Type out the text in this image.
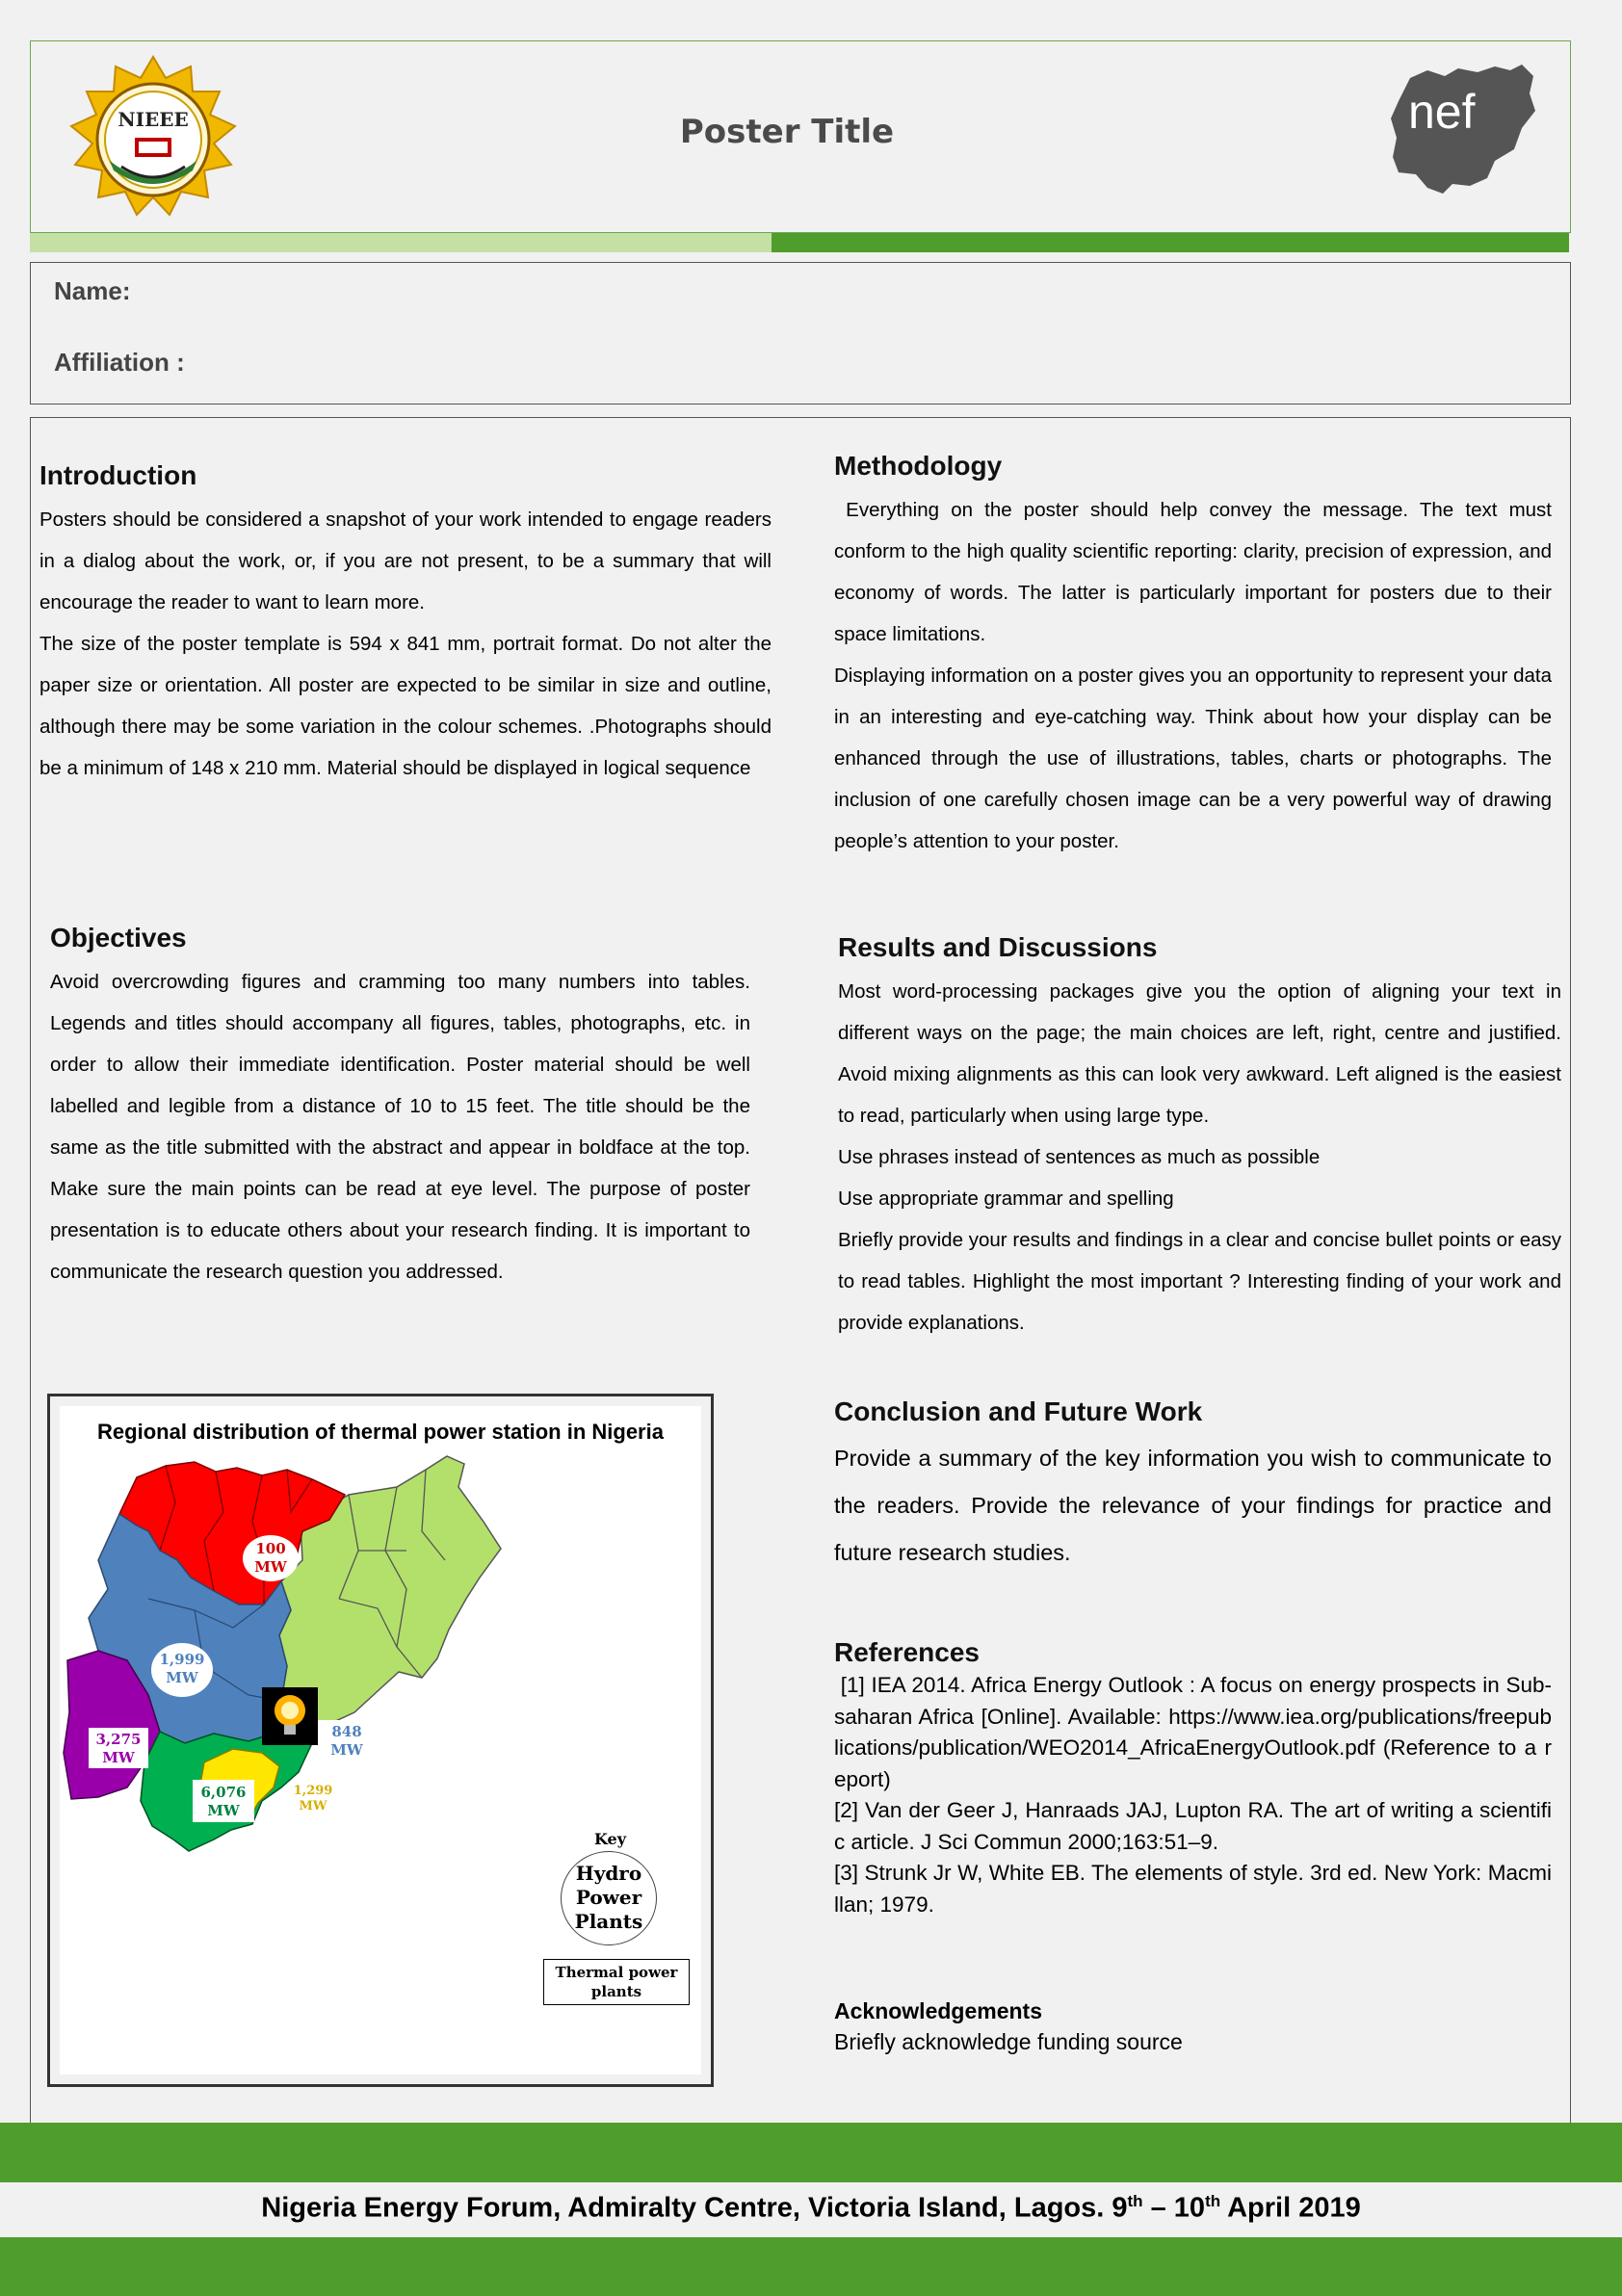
NIEEE	Poster Title	nef
Name:
Affiliation :
Introduction

Posters should be considered a snapshot of your work intended to engage readers in a dialog about the work, or, if you are not present, to be a summary that will encourage the reader to want to learn more.

The size of the poster template is 594 x 841 mm, portrait format. Do not alter the paper size or orientation. All poster are expected to be similar in size and outline, although there may be some variation in the colour schemes. .Photographs should be a minimum of 148 x 210 mm. Material should be displayed in logical sequence

Methodology

Everything on the poster should help convey the message. The text must conform to the high quality scientific reporting: clarity, precision of expression, and economy of words. The latter is particularly important for posters due to their space limitations.

Displaying information on a poster gives you an opportunity to represent your data in an interesting and eye-catching way. Think about how your display can be enhanced through the use of illustrations, tables, charts or photographs. The inclusion of one carefully chosen image can be a very powerful way of drawing people’s attention to your poster.

Objectives

Avoid overcrowding figures and cramming too many numbers into tables. Legends and titles should accompany all figures, tables, photographs, etc. in order to allow their immediate identification. Poster material should be well labelled and legible from a distance of 10 to 15 feet. The title should be the same as the title submitted with the abstract and appear in boldface at the top. Make sure the main points can be read at eye level. The purpose of poster presentation is to educate others about your research finding. It is important to communicate the research question you addressed.

Results and Discussions

Most word-processing packages give you the option of aligning your text in different ways on the page; the main choices are left, right, centre and justified. Avoid mixing alignments as this can look very awkward. Left aligned is the easiest to read, particularly when using large type.

Use phrases instead of sentences as much as possible

Use appropriate grammar and spelling

Briefly provide your results and findings in a clear and concise bullet points or easy to read tables. Highlight the most important ? Interesting finding of your work and provide explanations.

Conclusion and Future Work

Provide a summary of the key information you wish to communicate to the readers. Provide the relevance of your findings for practice and future research studies.

References

[1] IEA 2014. Africa Energy Outlook : A focus on energy prospects in Sub-saharan Africa [Online]. Available: https://www.iea.org/publications/freepublications/publication/WEO2014_AfricaEnergyOutlook.pdf (Reference to a report)

[2] Van der Geer J, Hanraads JAJ, Lupton RA. The art of writing a scientific article. J Sci Commun 2000;163:51–9.

[3] Strunk Jr W, White EB. The elements of style. 3rd ed. New York: Macmillan; 1979.

Acknowledgements
Briefly acknowledge funding source
Regional distribution of thermal power station in Nigeria
100
MW
1,999
MW
848
MW
3,275
MW
6,076
MW
1,299
MW
Key
Hydro
Power
Plants
Thermal power
plants
Nigeria Energy Forum, Admiralty Centre, Victoria Island, Lagos. 9th – 10th April 2019
